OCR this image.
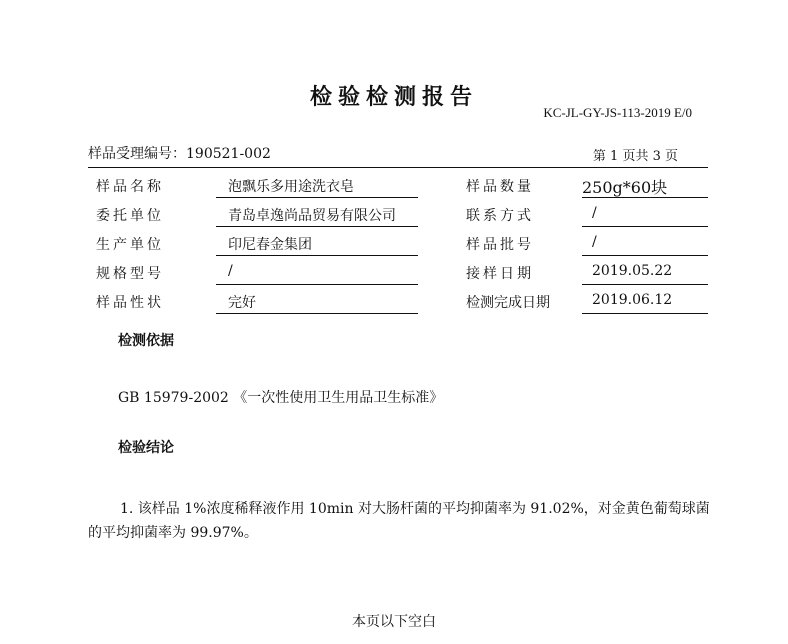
检验检测报告
KC-JL-GY-JS-113-2019 E/0
样品受理编号：190521-002	第 1 页共 3 页
样品名称	泡飘乐多用途洗衣皂	样品数量	250g*60块
委托单位	青岛卓逸尚品贸易有限公司	联系方式	/
生产单位	印尼春金集团	样品批号	/
规格型号	/	接样日期	2019.05.22
样品性状	完好	检测完成日期	2019.06.12
检测依据
GB 15979-2002 《一次性使用卫生用品卫生标准》
检验结论
1. 该样品 1%浓度稀释液作用 10min 对大肠杆菌的平均抑菌率为 91.02%，对金黄色葡萄球菌的平均抑菌率为 99.97%。
本页以下空白
